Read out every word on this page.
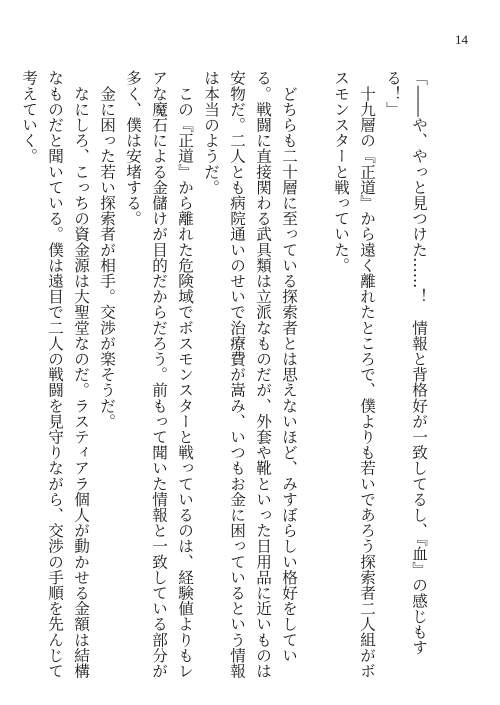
14

「――や、やっと見つけた……！　情報と背格好が一致してるし、『血』の感じもする！」

　十九層の『正道』から遠く離れたところで、僕よりも若いであろう探索者二人組がボスモンスターと戦っていた。

　どちらも二十層に至っている探索者とは思えないほど、みすぼらしい格好をしている。戦闘に直接関わる武具類は立派なものだが、外套や靴といった日用品に近いものは安物だ。二人とも病院通いのせいで治療費が嵩み、いつもお金に困っているという情報は本当のようだ。

　この『正道』から離れた危険域でボスモンスターと戦っているのは、経験値よりもレアな魔石による金儲けが目的だからだろう。前もって聞いた情報と一致している部分が多く、僕は安堵する。

　金に困った若い探索者が相手。交渉が楽そうだ。

　なにしろ、こっちの資金源は大聖堂なのだ。ラスティアラ個人が動かせる金額は結構なものだと聞いている。僕は遠目で二人の戦闘を見守りながら、交渉の手順を先んじて考えていく。
